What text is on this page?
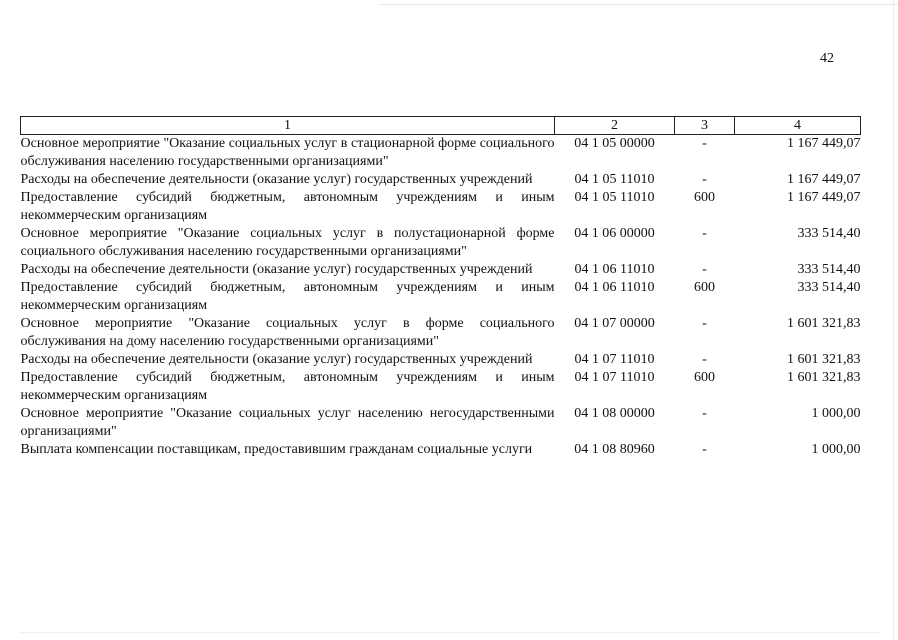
42
1	2	3	4
Основное мероприятие "Оказание социальных услуг в стационарной форме социального обслуживания населению государственными организациями"	04 1 05 00000	-	1 167 449,07
Расходы на обеспечение деятельности (оказание услуг) государственных учреждений	04 1 05 11010	-	1 167 449,07
Предоставление субсидий бюджетным, автономным учреждениям и иным некоммерческим организациям	04 1 05 11010	600	1 167 449,07
Основное мероприятие "Оказание социальных услуг в полустационарной форме социального обслуживания населению государственными организациями"	04 1 06 00000	-	333 514,40
Расходы на обеспечение деятельности (оказание услуг) государственных учреждений	04 1 06 11010	-	333 514,40
Предоставление субсидий бюджетным, автономным учреждениям и иным некоммерческим организациям	04 1 06 11010	600	333 514,40
Основное мероприятие "Оказание социальных услуг в форме социального обслуживания на дому населению государственными организациями"	04 1 07 00000	-	1 601 321,83
Расходы на обеспечение деятельности (оказание услуг) государственных учреждений	04 1 07 11010	-	1 601 321,83
Предоставление субсидий бюджетным, автономным учреждениям и иным некоммерческим организациям	04 1 07 11010	600	1 601 321,83
Основное мероприятие "Оказание социальных услуг населению негосударственными организациями"	04 1 08 00000	-	1 000,00
Выплата компенсации поставщикам, предоставившим гражданам социальные услуги	04 1 08 80960	-	1 000,00
